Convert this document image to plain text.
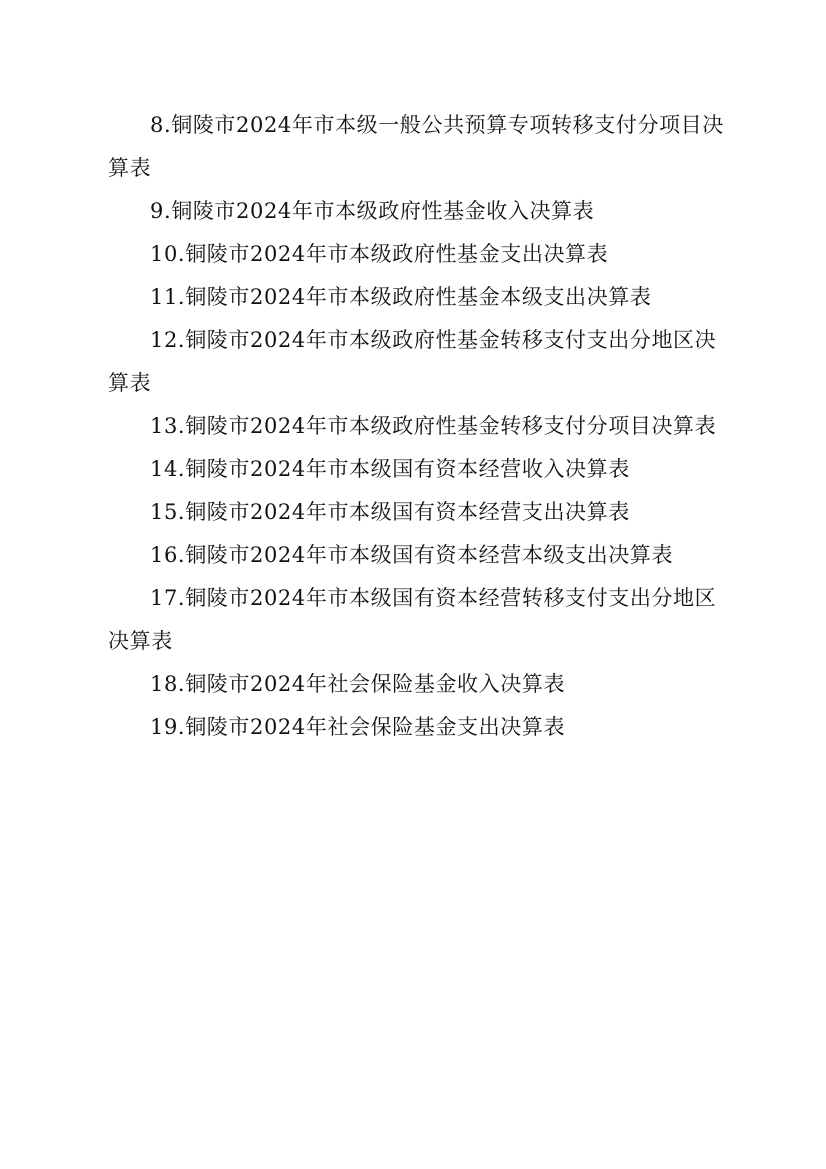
8.铜陵市2024年市本级一般公共预算专项转移支付分项目决算表
9.铜陵市2024年市本级政府性基金收入决算表
10.铜陵市2024年市本级政府性基金支出决算表
11.铜陵市2024年市本级政府性基金本级支出决算表
12.铜陵市2024年市本级政府性基金转移支付支出分地区决算表
13.铜陵市2024年市本级政府性基金转移支付分项目决算表
14.铜陵市2024年市本级国有资本经营收入决算表
15.铜陵市2024年市本级国有资本经营支出决算表
16.铜陵市2024年市本级国有资本经营本级支出决算表
17.铜陵市2024年市本级国有资本经营转移支付支出分地区决算表
18.铜陵市2024年社会保险基金收入决算表
19.铜陵市2024年社会保险基金支出决算表
